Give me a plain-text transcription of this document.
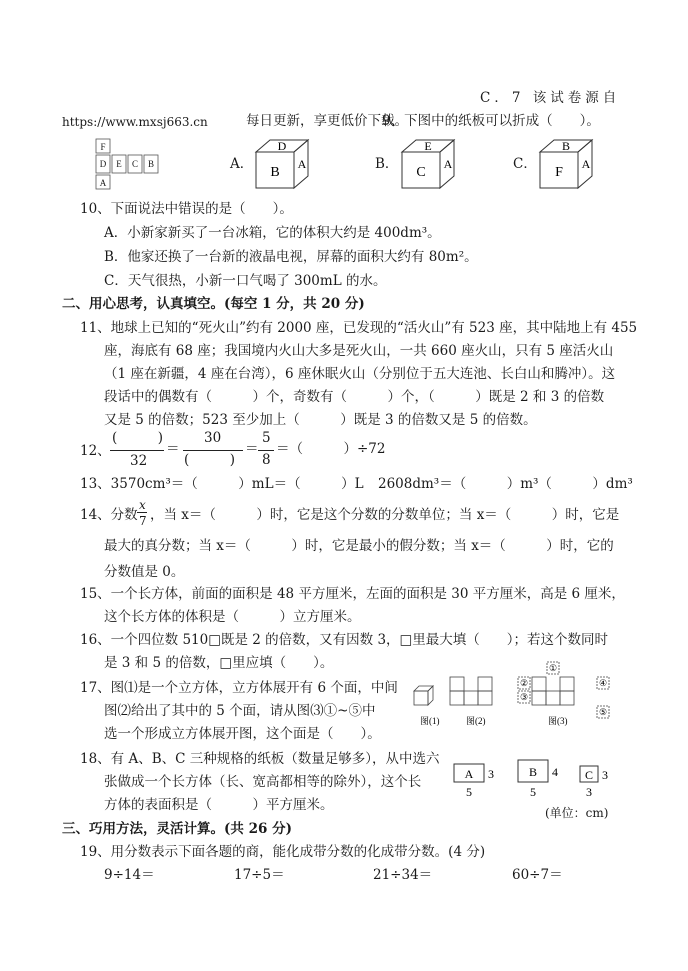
C．7 该试卷源自
https://www.mxsj663.cn	每日更新，享更低价下载。
9、下图中的纸板可以折成（　　）。
F
D E C B
A
A．
D
B
A	B．
E
C
A	C．
B
F
A
10、下面说法中错误的是（　　）。
A．小新家新买了一台冰箱，它的体积大约是 400dm³。
B．他家还换了一台新的液晶电视，屏幕的面积大约有 80m²。
C．天气很热，小新一口气喝了 300mL 的水。
二、用心思考，认真填空。(每空 1 分，共 20 分)
11、地球上已知的“死火山”约有 2000 座，已发现的“活火山”有 523 座，其中陆地上有 455
座，海底有 68 座；我国境内火山大多是死火山，一共 660 座火山，只有 5 座活火山
（1 座在新疆，4 座在台湾），6 座休眠火山（分别位于五大连池、长白山和腾冲）。这
段话中的偶数有（　　　）个，奇数有（　　　）个，（　　　）既是 2 和 3 的倍数
又是 5 的倍数；523 至少加上（　　　）既是 3 的倍数又是 5 的倍数。
12、
(　　　)
32
＝
30
(　　　)
＝
5
8
＝（　　　）÷72
13、3570cm³＝（　　　）mL＝（　　　）L 2608dm³＝（　　　）m³（　　　）dm³
14、分数
x
7 ，当 x＝（　　　）时，它是这个分数的分数单位；当 x＝（　　　）时，它是
最大的真分数；当 x＝（　　　）时，它是最小的假分数；当 x＝（　　　）时，它的
分数值是 0。
15、一个长方体，前面的面积是 48 平方厘米，左面的面积是 30 平方厘米，高是 6 厘米，
这个长方体的体积是（　　　）立方厘米。
16、一个四位数 510□既是 2 的倍数，又有因数 3，□里最大填（　　）；若这个数同时
是 3 和 5 的倍数，□里应填（　　）。
17、图⑴是一个立方体，立方体展开有 6 个面，中间
图⑵给出了其中的 5 个面，请从图⑶①~⑤中
选一个形成立方体展开图，这个面是（　　）。
图(1)	图(2)
①
②
③
④
⑤
图(3)
18、有 A、B、C 三种规格的纸板（数量足够多），从中选六
张做成一个长方体（长、宽高都相等的除外），这个长
方体的表面积是（　　　）平方厘米。
A 3
5
B 4
5
C 3
3
(单位：cm)
三、巧用方法，灵活计算。(共 26 分)
19、用分数表示下面各题的商，能化成带分数的化成带分数。(4 分)
9÷14＝	17÷5＝	21÷34＝	60÷7＝
